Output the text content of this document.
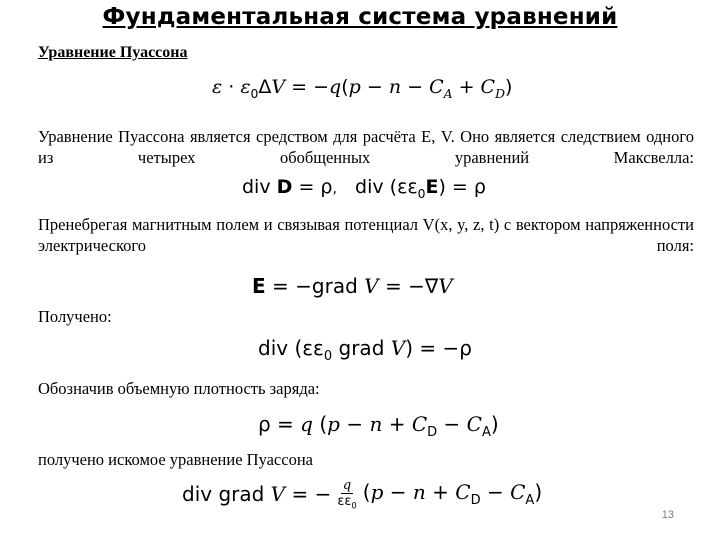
Фундаментальная система уравнений
Уравнение Пуассона
$\varepsilon \cdot \varepsilon_0\Delta V = -q(p - n - C_A + C_D)$
Уравнение Пуассона является средством для расчёта Е, V. Оно является следствием одного из четырех обобщенных уравнений Максвелла:
div D = ρ,   div $(\varepsilon\varepsilon_0E) = \rho$
Пренебрегая магнитным полем и связывая потенциал V(x, y, z, t) с вектором напряженности электрического поля:
E = −grad V = −∇V
Получено:
div ($\varepsilon\varepsilon_0$ grad V) = −ρ
Обозначив объемную плотность заряда:
ρ = q $(p - n + C_D - C_A)$
получено искомое уравнение Пуассона
div grad V = − $\frac{q}{\varepsilon\varepsilon_0} (p - n + C_D - C_A)$
13
